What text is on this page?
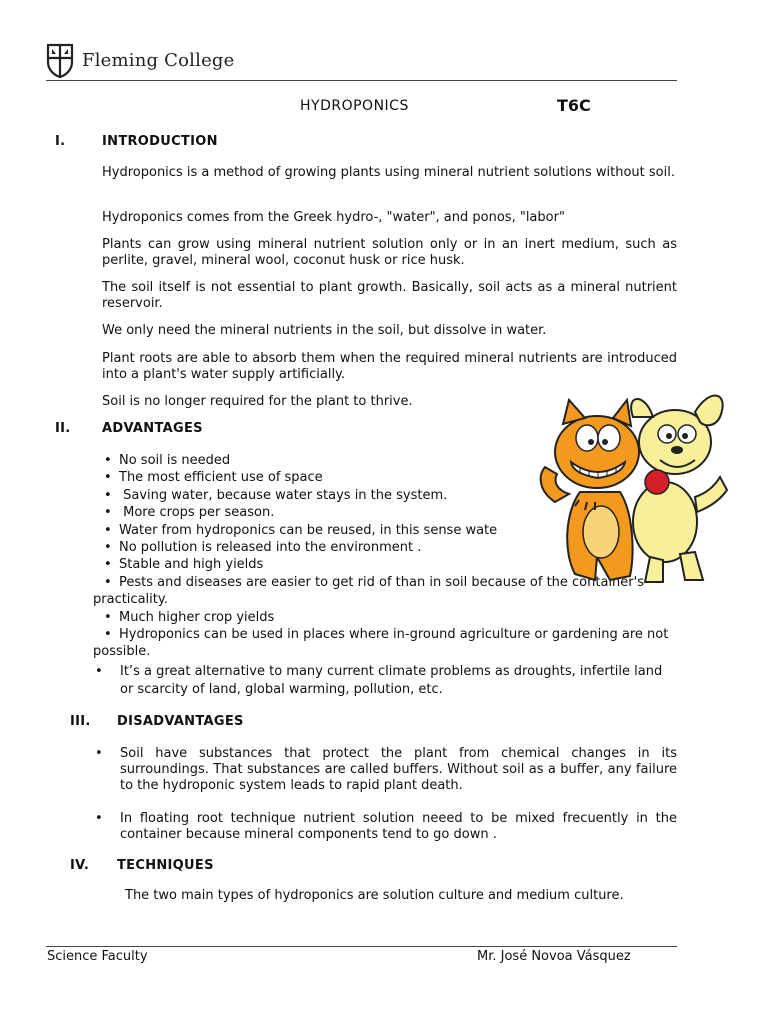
Fleming College
HYDROPONICS	T6C
I.	INTRODUCTION
Hydroponics is a method of growing plants using mineral nutrient solutions without soil.
Hydroponics comes from the Greek hydro-, "water", and ponos, "labor"
Plants can grow using mineral nutrient solution only or in an inert medium, such as perlite, gravel, mineral wool, coconut husk or rice husk.
The soil itself is not essential to plant growth. Basically, soil acts as a mineral nutrient reservoir.
We only need the mineral nutrients in the soil, but dissolve in water.
Plant roots are able to absorb them when the required mineral nutrients are introduced into a plant's water supply artificially.
Soil is no longer required for the plant to thrive.
II. ADVANTAGES
• No soil is needed
• The most efficient use of space
• Saving water, because water stays in the system.
• More crops per season.
• Water from hydroponics can be reused, in this sense wate
• No pollution is released into the environment .
• Stable and high yields
• Pests and diseases are easier to get rid of than in soil because of the container's practicality.
• Much higher crop yields
• Hydroponics can be used in places where in-ground agriculture or gardening are not possible.
• It’s a great alternative to many current climate problems as droughts, infertile land or scarcity of land, global warming, pollution, etc.
III. DISADVANTAGES
• Soil have substances that protect the plant from chemical changes in its surroundings. That substances are called buffers. Without soil as a buffer, any failure to the hydroponic system leads to rapid plant death.
• In floating root technique nutrient solution neeed to be mixed frecuently in the container because mineral components tend to go down .
IV. TECHNIQUES
The two main types of hydroponics are solution culture and medium culture.
Science Faculty	Mr. José Novoa Vásquez
